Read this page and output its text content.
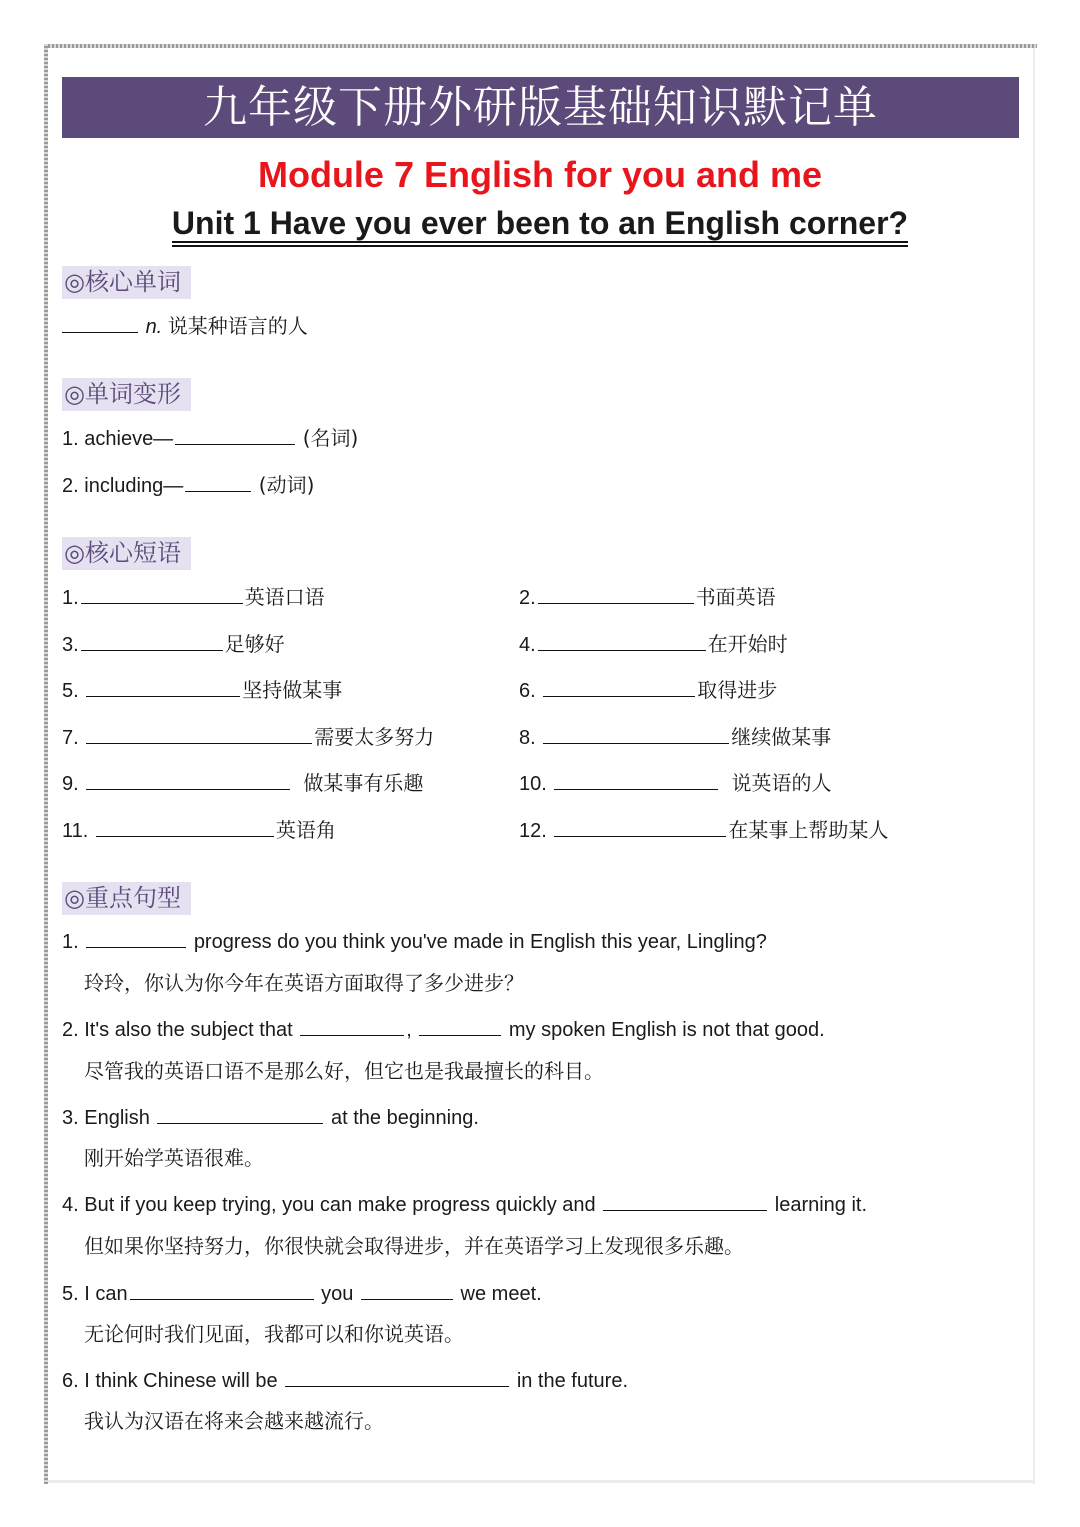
九年级下册外研版基础知识默记单
Module 7 English for you and me
Unit 1 Have you ever been to an English corner?
◎核心单词
n. 说某种语言的人
◎单词变形
1. achieve—	(名词)
2. including—	(动词)
◎核心短语
1.	英语口语	2.	书面英语
3.	足够好	4.	在开始时
5.	坚持做某事	6.	取得进步
7.	需要太多努力	8.	继续做某事
9.	做某事有乐趣	10.	说英语的人
11.	英语角	12.	在某事上帮助某人
◎重点句型
1.	progress do you think you've made in English this year, Lingling?
玲玲，你认为你今年在英语方面取得了多少进步？
2. It's also the subject that	,	my spoken English is not that good.
尽管我的英语口语不是那么好，但它也是我最擅长的科目。
3. English	at the beginning.
刚开始学英语很难。
4. But if you keep trying, you can make progress quickly and	learning it.
但如果你坚持努力，你很快就会取得进步，并在英语学习上发现很多乐趣。
5. I can	you	we meet.
无论何时我们见面，我都可以和你说英语。
6. I think Chinese will be	in the future.
我认为汉语在将来会越来越流行。
